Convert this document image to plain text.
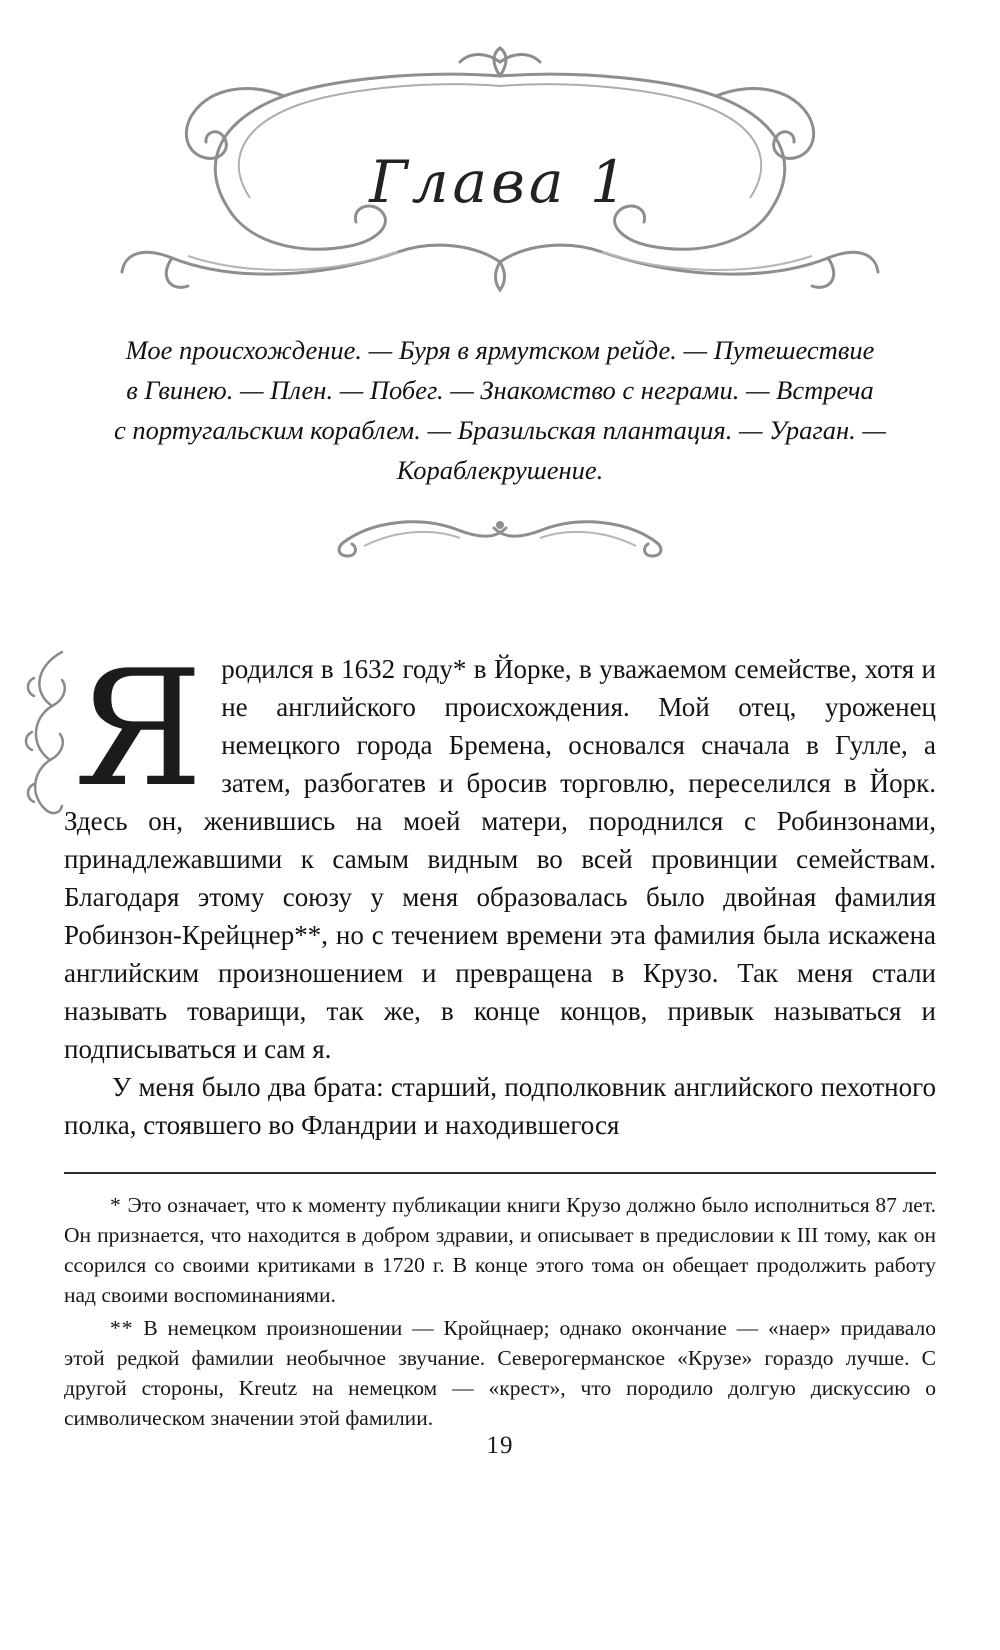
Глава 1
Мое происхождение. — Буря в ярмутском рейде. — Путешествие
в Гвинею. — Плен. — Побег. — Знакомство с неграми. — Встреча
с португальским кораблем. — Бразильская плантация. — Ураган. —
Кораблекрушение.

Яродился в 1632 году* в Йорке, в уважаемом семействе, хотя и не английского происхождения. Мой отец, уроженец немецкого города Бремена, основался сначала в Гулле, а затем, разбогатев и бросив торговлю, переселился в Йорк. Здесь он, женившись на моей матери, породнился с Робинзонами, принадлежавшими к самым видным во всей провинции семействам. Благодаря этому союзу у меня образовалась было двойная фамилия Робинзон-Крейцнер**, но с течением времени эта фамилия была искажена английским произношением и превращена в Крузо. Так меня стали называть товарищи, так же, в конце концов, привык называться и подписываться и сам я.

У меня было два брата: старший, подполковник английского пехотного полка, стоявшего во Фландрии и находившегося

* Это означает, что к моменту публикации книги Крузо должно было исполниться 87 лет. Он признается, что находится в добром здравии, и описывает в предисловии к III тому, как он ссорился со своими критиками в 1720 г. В конце этого тома он обещает продолжить работу над своими воспоминаниями.

** В немецком произношении — Кройцнаер; однако окончание — «наер» придавало этой редкой фамилии необычное звучание. Северогерманское «Крузе» гораздо лучше. С другой стороны, Kreutz на немецком — «крест», что породило долгую дискуссию о символическом значении этой фамилии.

19
